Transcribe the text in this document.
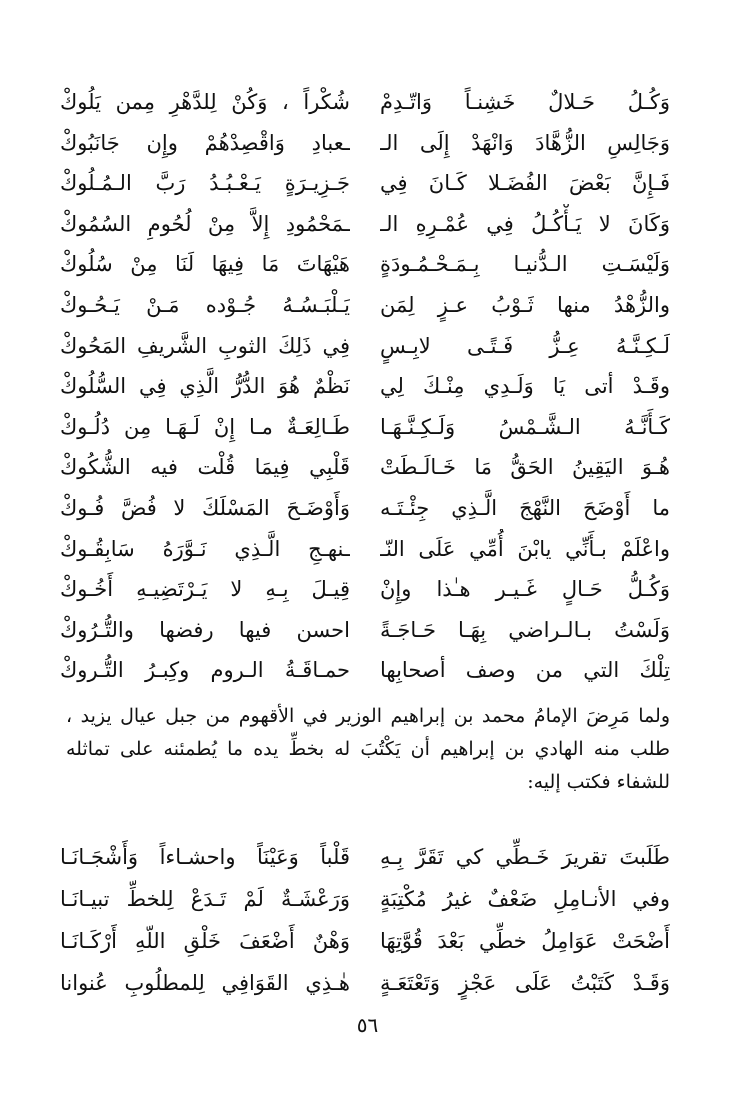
وَكُـلُ حَـلالٌ خَشِنـاً وَاتّـدِمْ
شُكْراً ، وَكُنْ لِلدَّهْرِ مِمن يَلُوكْ
وَجَالِسِ الزُّهَّادَ وَانْهَدْ إِلَى الـ
ـعبادِ وَاقْصِدْهُمْ وإِن جَانَبُوكْ
فَـإِنَّ بَعْضَ الفُضَـلا كَـانَ فِي
جَـزِيـرَةٍ يَـعْـبُـدُ رَبَّ الـمُـلُوكْ
وَكَانَ لا يَـأْكُـلُ فِي عُمْـرِهِ الـ
ـمَحْمُودِ إِلاَّ مِنْ لُحُومِ السُمُوكْ
وَلَيْسَـتِ الـدُّنيـا بِـمَـحْـمُـودَةٍ
هَيْهَاتَ مَا فِيهَا لَنَا مِنْ سُلُوكْ
والزُّهْدُ منها ثَـوْبُ عـزٍ لِمَن
يَـلْبَـسُـهُ جُـوْده مَـنْ يَـحُـوكْ
لَـكِـنَّـهُ عِـزُّ فَـتًـى لابِـسٍ
فِي ذَلِكَ الثوبِ الشَّريفِ المَحُوكْ
وقَـدْ أتى يَا وَلَـدِي مِنْـكَ لِي
نَظْمٌ هُوَ الدُّرُّ الَّذِي فِي السُّلُوكْ
كَـأَنَّـهُ الـشَّـمْسُ وَلَـكِـنَّـهَـا
طَـالِعَـةٌ مـا إِنْ لَـهَـا مِن دُلُـوكْ
هُـوَ اليَقِينُ الحَقُّ مَا خَـالَـطَتْ
قَلْبِي فِيمَا قُلْت فيه الشُّكُوكْ
ما أَوْضَحَ النَّهْجَ الَّـذِي جِئْـتَـه
وَأَوْضَـحَ المَسْلَكَ لا فُضَّ فُـوكْ
واعْلَمْ بـأَنِّي يابْنَ أُمِّي عَلَى النّـ
ـنهـجِ الَّـذِي نَـوَّرَهُ سَابِقُـوكْ
وَكُـلُّ حَـالٍ غَـيـر هـٰذا وإِنْ
قِيـلَ بِـهِ لا يَـرْتَضِيـهِ أَخُـوكْ
وَلَسْتُ بـالـراضي بِهَـا حَـاجَـةً
احسن فيها رفضها والتُّـرُوكْ
تِلْكَ التي من وصف أصحابِها
حمـاقَـةُ الـروم وكِبـرُ التُّـروكْ
ولما مَرِضَ الإمامُ محمد بن إبراهيم الوزير في الأقهوم من جبل عيال يزيد ، طلب منه الهادي بن إبراهيم أن يَكْتُبَ له بخطِّ يده ما يُطمئنه على تماثله للشفاء فكتب إليه:
طَلَبتَ تقريرَ خَـطِّي كي تَقَرَّ بِـهِ
قَلْباً وَعَيْنَاً واحشـاءاً وَأَشْجَـانَـا
وفي الأنـامِلِ ضَعْفٌ غيرُ مُكْتِبَةٍ
وَرَعْشَـةٌ لَمْ تَـدَعْ لِلخطِّ تبيـانَـا
أَضْحَتْ عَوَامِلُ خطِّي بَعْدَ قُوَّتِهَا
وَهْنٌ أَضْعَفَ خَلْقِ اللّهِ أَرْكَـانَـا
وَقَـدْ كَتَبْتُ عَلَى عَجْزٍ وَتَعْتَعَـةٍ
هٰـذِي القَوَافِي لِلمطلُوبِ عُنوانا
٥٦
